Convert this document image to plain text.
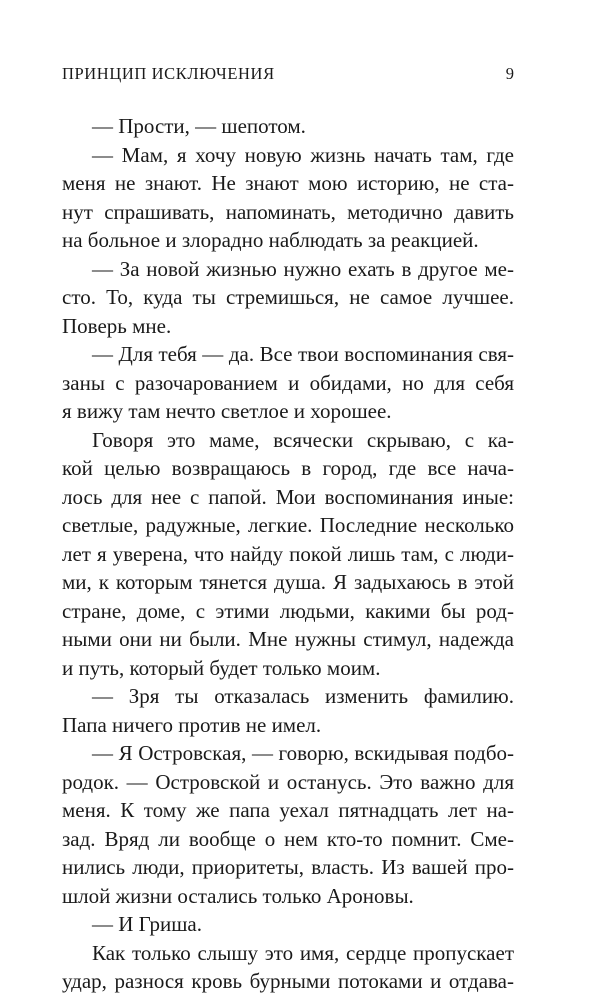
ПРИНЦИП ИСКЛЮЧЕНИЯ	9
— Прости, — шепотом.
— Мам, я хочу новую жизнь начать там, где
меня не знают. Не знают мою историю, не ста-
нут спрашивать, напоминать, методично давить
на больное и злорадно наблюдать за реакцией.
— За новой жизнью нужно ехать в другое ме-
сто. То, куда ты стремишься, не самое лучшее.
Поверь мне.
— Для тебя — да. Все твои воспоминания свя-
заны с разочарованием и обидами, но для себя
я вижу там нечто светлое и хорошее.
Говоря это маме, всячески скрываю, с ка-
кой целью возвращаюсь в город, где все нача-
лось для нее с папой. Мои воспоминания иные:
светлые, радужные, легкие. Последние несколько
лет я уверена, что найду покой лишь там, с люди-
ми, к которым тянется душа. Я задыхаюсь в этой
стране, доме, с этими людьми, какими бы род-
ными они ни были. Мне нужны стимул, надежда
и путь, который будет только моим.
— Зря ты отказалась изменить фамилию.
Папа ничего против не имел.
— Я Островская, — говорю, вскидывая подбо-
родок. — Островской и останусь. Это важно для
меня. К тому же папа уехал пятнадцать лет на-
зад. Вряд ли вообще о нем кто-то помнит. Сме-
нились люди, приоритеты, власть. Из вашей про-
шлой жизни остались только Ароновы.
— И Гриша.
Как только слышу это имя, сердце пропускает
удар, разнося кровь бурными потоками и отдава-
